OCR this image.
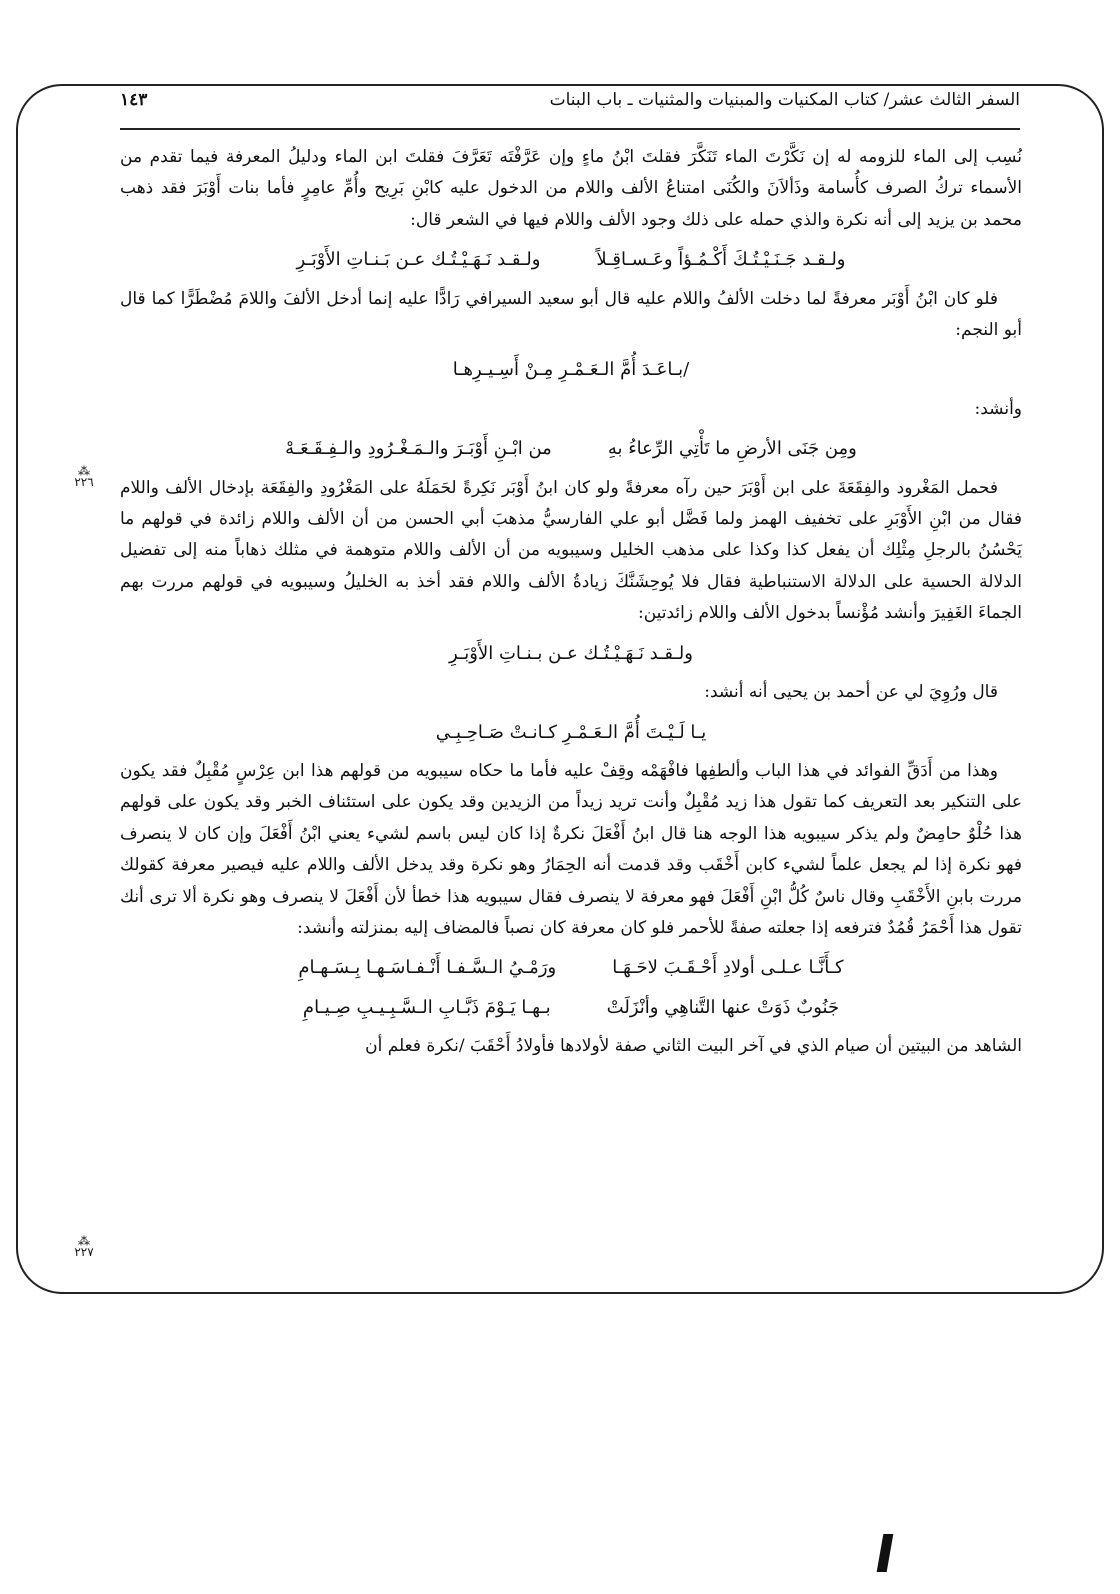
السفر الثالث عشر/ كتاب المكنيات والمبنيات والمثنيات ـ باب البنات
١٤٣
⁂
٢٢٦
⁂
٢٢٧

نُسِب إلى الماء للزومه له إن نَكَّرْتَ الماء تَنَكَّرَ فقلتَ ابْنُ ماءٍ وإن عَرَّفْتَه تَعَرَّفَ فقلتَ ابن الماء ودليلُ المعرفة فيما تقدم من الأسماء تركُ الصرف كأُسامة وذَألاَنَ والكُنَى امتناعُ الألف واللام من الدخول عليه كابْنِ بَرِيح وأُمِّ عامِرٍ فأما بنات أَوْبَرَ فقد ذهب محمد بن يزيد إلى أنه نكرة والذي حمله على ذلك وجود الألف واللام فيها في الشعر قال:

ولـقـد جَـنَـيْـتُـكَ أَكْـمُـؤاً وعَـسـاقِـلاً
ولـقـد نَـهَـيْـتُـك عـن بَـنـاتِ الأَوْبَـرِ

فلو كان ابْنُ أَوْبَر معرفةً لما دخلت الألفُ واللام عليه قال أبو سعيد السيرافي رَادًّا عليه إنما أدخل الألفَ واللامَ مُضْطَرًّا كما قال أبو النجم:

/بـاعَـدَ أُمَّ الـعَـمْـرِ مِـنْ أَسِـيـرِهـا

وأنشد:

ومِن جَنَى الأرضِ ما تَأْتِي الرِّعاءُ بهِ
من ابْـنِ أَوْبَـرَ والـمَـغْـرُودِ والـفِـقَـعَـهْ

فحمل المَغْرود والفِقَعَةَ على ابن أَوْبَرَ حين رآه معرفةً ولو كان ابنُ أَوْبَر نَكِرةً لحَمَلَهُ على المَغْرُودِ والفِقَعَة بإدخال الألف واللام فقال من ابْنِ الأَوْبَرِ على تخفيف الهمز ولما فَضَّل أبو علي الفارسيُّ مذهبَ أبي الحسن من أن الألف واللام زائدة في قولهم ما يَحْسُنُ بالرجلِ مِثْلِك أن يفعل كذا وكذا على مذهب الخليل وسيبويه من أن الألف واللام متوهمة في مثلك ذهاباً منه إلى تفضيل الدلالة الحسية على الدلالة الاستنباطية فقال فلا يُوحِشَنَّكَ زيادةُ الألف واللام فقد أخذ به الخليلُ وسيبويه في قولهم مررت بهم الجماءَ الغَفِيرَ وأنشد مُؤْنساً بدخول الألف واللام زائدتين:

ولـقـد نَـهَـيْـتُـك عـن بـنـاتِ الأَوْبَـرِ

قال ورُوِيَ لي عن أحمد بن يحيى أنه أنشد:

يـا لَـيْـتَ أُمَّ الـعَـمْـرِ كـانـتْ صَـاحِـبِـي

وهذا من أَدَقِّ الفوائد في هذا الباب وألطفِها فافْهَمْه وقِفْ عليه فأما ما حكاه سيبويه من قولهم هذا ابن عِرْسٍ مُقْبِلٌ فقد يكون على التنكير بعد التعريف كما تقول هذا زيد مُقْبِلٌ وأنت تريد زيداً من الزيدين وقد يكون على استئناف الخبر وقد يكون على قولهم هذا حُلْوٌ حامِضٌ ولم يذكر سيبويه هذا الوجه هنا قال ابنُ أَفْعَلَ نكرةٌ إذا كان ليس باسم لشيء يعني ابْنُ أَفْعَلَ وإن كان لا ينصرف فهو نكرة إذا لم يجعل علماً لشيء كابن أَخْقَب وقد قدمت أنه الحِمَارُ وهو نكرة وقد يدخل الألف واللام عليه فيصير معرفة كقولك مررت بابنِ الأَخْقَبِ وقال ناسٌ كُلُّ ابْنِ أَفْعَلَ فهو معرفة لا ينصرف فقال سيبويه هذا خطأ لأن أَفْعَلَ لا ينصرف وهو نكرة ألا ترى أنك تقول هذا أَحْمَرُ قُمُدٌ فترفعه إذا جعلته صفةً للأحمر فلو كان معرفة كان نصباً فالمضاف إليه بمنزلته وأنشد:

كـأَنَّـا عـلـى أولادِ أَحْـقَـبَ لاحَـهَـا
ورَمْـيُ الـسَّـفـا أَنْـفـاسَـهـا بِـسَـهـامِ
جَنُوبٌ ذَوَتْ عنها التَّناهِي وأنْزَلَتْ
بـهـا يَـوْمَ ذَبَّـابِ الـسَّـبِـيـبِ صِـيـامِ

الشاهد من البيتين أن صيام الذي في آخر البيت الثاني صفة لأولادها فأولادُ أَحْقَبَ /نكرة فعلم أن
